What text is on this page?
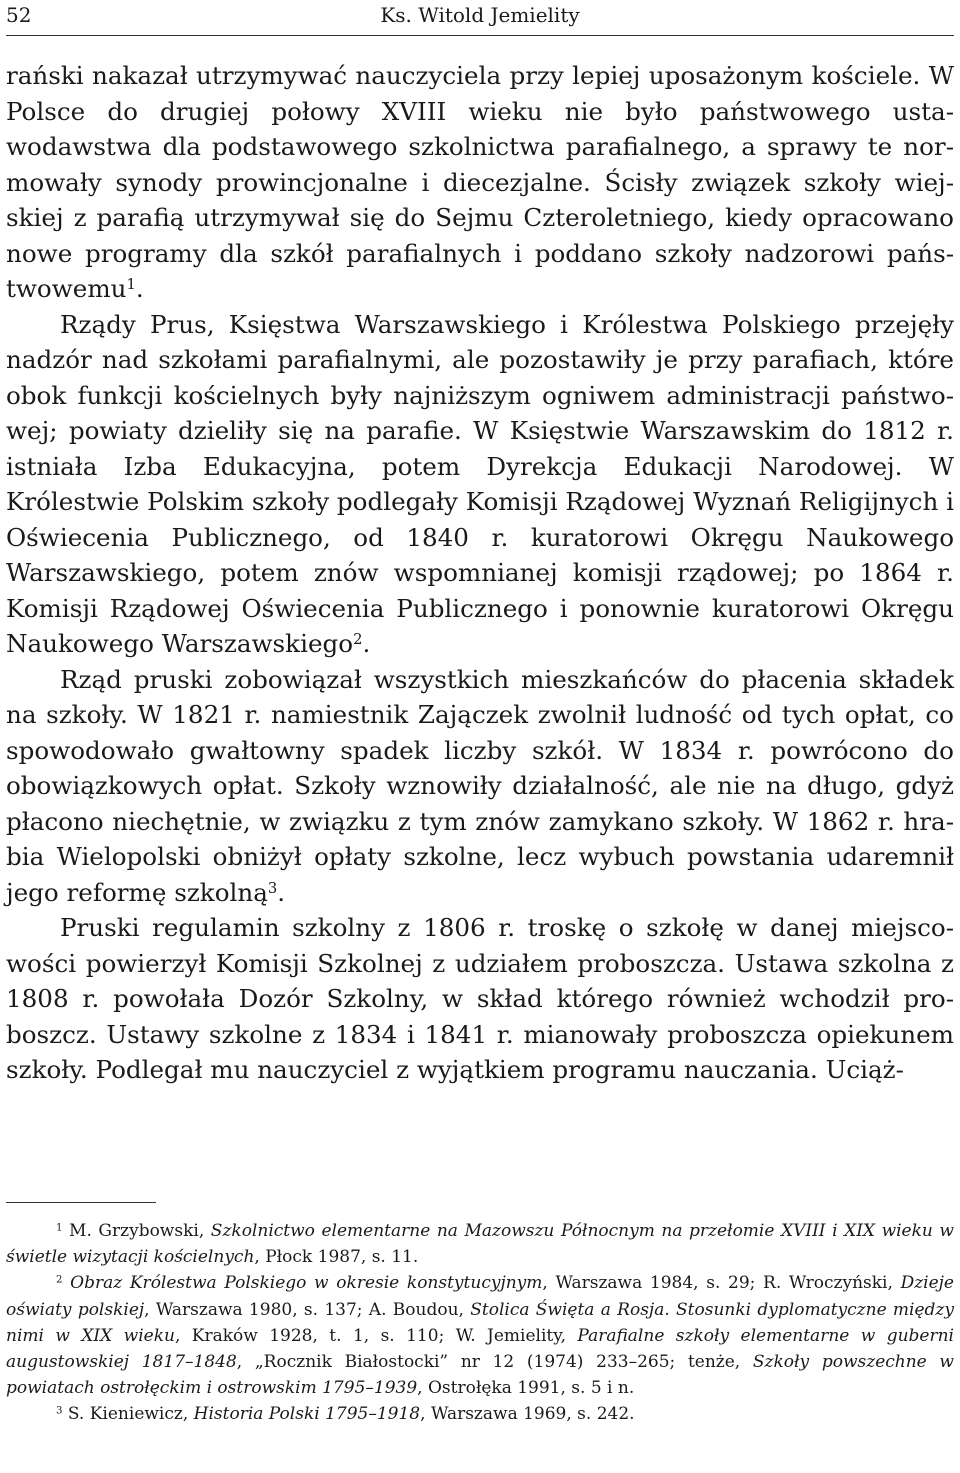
52	Ks. Witold Jemielity

rański nakazał utrzymywać nauczyciela przy lepiej uposażonym kościele. W Polsce do drugiej połowy XVIII wieku nie było państwowego ustawodawstwa dla podstawowego szkolnictwa parafialnego, a sprawy te normowały synody prowincjonalne i diecezjalne. Ścisły związek szkoły wiejskiej z parafią utrzymywał się do Sejmu Czteroletniego, kiedy opracowano nowe programy dla szkół parafialnych i poddano szkoły nadzorowi państwowemu$^1$.

Rządy Prus, Księstwa Warszawskiego i Królestwa Polskiego przejęły nadzór nad szkołami parafialnymi, ale pozostawiły je przy parafiach, które obok funkcji kościelnych były najniższym ogniwem administracji państwowej; powiaty dzieliły się na parafie. W Księstwie Warszawskim do 1812 r. istniała Izba Edukacyjna, potem Dyrekcja Edukacji Narodowej. W Królestwie Polskim szkoły podlegały Komisji Rządowej Wyznań Religijnych i Oświecenia Publicznego, od 1840 r. kuratorowi Okręgu Naukowego Warszawskiego, potem znów wspomnianej komisji rządowej; po 1864 r. Komisji Rządowej Oświecenia Publicznego i ponownie kuratorowi Okręgu Naukowego Warszawskiego$^2$.

Rząd pruski zobowiązał wszystkich mieszkańców do płacenia składek na szkoły. W 1821 r. namiestnik Zajączek zwolnił ludność od tych opłat, co spowodowało gwałtowny spadek liczby szkół. W 1834 r. powrócono do obowiązkowych opłat. Szkoły wznowiły działalność, ale nie na długo, gdyż płacono niechętnie, w związku z tym znów zamykano szkoły. W 1862 r. hrabia Wielopolski obniżył opłaty szkolne, lecz wybuch powstania udaremnił jego reformę szkolną$^3$.

Pruski regulamin szkolny z 1806 r. troskę o szkołę w danej miejscowości powierzył Komisji Szkolnej z udziałem proboszcza. Ustawa szkolna z 1808 r. powołała Dozór Szkolny, w skład którego również wchodził proboszcz. Ustawy szkolne z 1834 i 1841 r. mianowały proboszcza opiekunem szkoły. Podlegał mu nauczyciel z wyjątkiem programu nauczania. Uciąż-

$^1$ M. Grzybowski, Szkolnictwo elementarne na Mazowszu Północnym na przełomie XVIII i XIX wieku w świetle wizytacji kościelnych, Płock 1987, s. 11.

$^2$ Obraz Królestwa Polskiego w okresie konstytucyjnym, Warszawa 1984, s. 29; R. Wroczyński, Dzieje oświaty polskiej, Warszawa 1980, s. 137; A. Boudou, Stolica Święta a Rosja. Stosunki dyplomatyczne między nimi w XIX wieku, Kraków 1928, t. 1, s. 110; W. Jemielity, Parafialne szkoły elementarne w guberni augustowskiej 1817–1848, „Rocznik Białostocki” nr 12 (1974) 233–265; tenże, Szkoły powszechne w powiatach ostrołęckim i ostrowskim 1795–1939, Ostrołęka 1991, s. 5 i n.

$^3$ S. Kieniewicz, Historia Polski 1795–1918, Warszawa 1969, s. 242.
